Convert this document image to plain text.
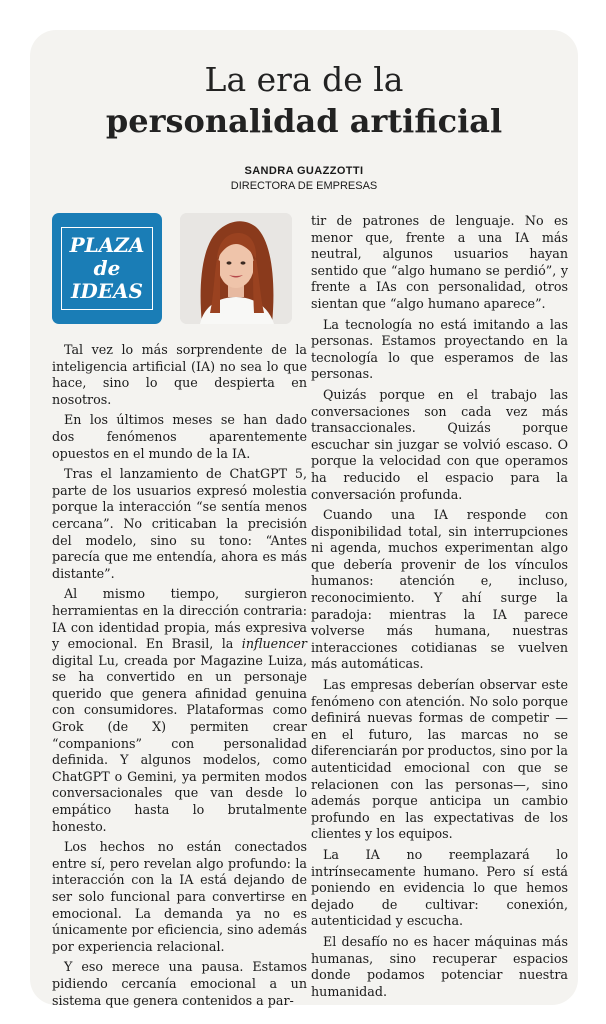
La era de la
personalidad artificial
SANDRA GUAZZOTTI
DIRECTORA DE EMPRESAS
PLAZA
de
IDEAS

Tal vez lo más sorprendente de la inteligencia artificial (IA) no sea lo que hace, sino lo que despierta en nosotros.

En los últimos meses se han dado dos fenómenos aparentemente opuestos en el mundo de la IA.

Tras el lanzamiento de ChatGPT 5, parte de los usuarios expresó molestia porque la interacción “se sentía menos cercana”. No criticaban la precisión del modelo, sino su tono: “Antes parecía que me entendía, ahora es más distante”.

Al mismo tiempo, surgieron herramientas en la dirección contraria: IA con identidad propia, más expresiva y emocional. En Brasil, la influencer digital Lu, creada por Magazine Luiza, se ha convertido en un personaje querido que genera afinidad genuina con consumidores. Plataformas como Grok (de X) permiten crear “companions” con personalidad definida. Y algunos modelos, como ChatGPT o Gemini, ya permiten modos conversacionales que van desde lo empático hasta lo brutalmente honesto.

Los hechos no están conectados entre sí, pero revelan algo profundo: la interacción con la IA está dejando de ser solo funcional para convertirse en emocional. La demanda ya no es únicamente por eficiencia, sino además por experiencia relacional.

Y eso merece una pausa. Estamos pidiendo cercanía emocional a un sistema que genera contenidos a par-

tir de patrones de lenguaje. No es menor que, frente a una IA más neutral, algunos usuarios hayan sentido que “algo humano se perdió”, y frente a IAs con personalidad, otros sientan que “algo humano aparece”.

La tecnología no está imitando a las personas. Estamos proyectando en la tecnología lo que esperamos de las personas.

Quizás porque en el trabajo las conversaciones son cada vez más transaccionales. Quizás porque escuchar sin juzgar se volvió escaso. O porque la velocidad con que operamos ha reducido el espacio para la conversación profunda.

Cuando una IA responde con disponibilidad total, sin interrupciones ni agenda, muchos experimentan algo que debería provenir de los vínculos humanos: atención e, incluso, reconocimiento. Y ahí surge la paradoja: mientras la IA parece volverse más humana, nuestras interacciones cotidianas se vuelven más automáticas.

Las empresas deberían observar este fenómeno con atención. No solo porque definirá nuevas formas de competir —en el futuro, las marcas no se diferenciarán por productos, sino por la autenticidad emocional con que se relacionen con las personas—, sino además porque anticipa un cambio profundo en las expectativas de los clientes y los equipos.

La IA no reemplazará lo intrínsecamente humano. Pero sí está poniendo en evidencia lo que hemos dejado de cultivar: conexión, autenticidad y escucha.

El desafío no es hacer máquinas más humanas, sino recuperar espacios donde podamos potenciar nuestra humanidad.
